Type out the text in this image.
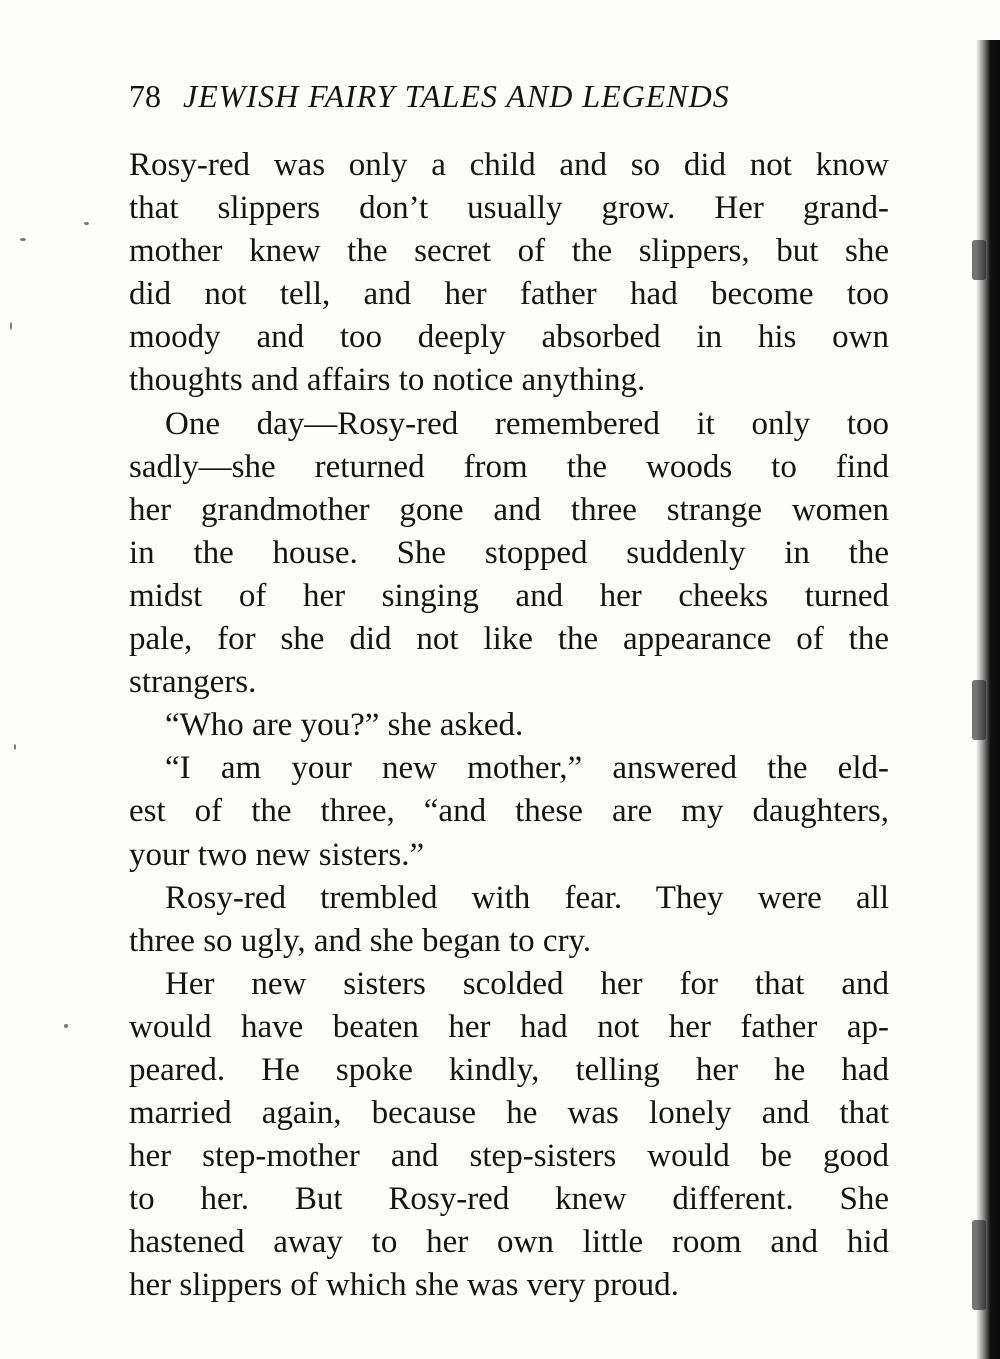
78 JEWISH FAIRY TALES AND LEGENDS

Rosy-red was only a child and so did not know
that slippers don’t usually grow. Her grand-
mother knew the secret of the slippers, but she
did not tell, and her father had become too
moody and too deeply absorbed in his own
thoughts and affairs to notice anything.

One day—Rosy-red remembered it only too
sadly—she returned from the woods to find
her grandmother gone and three strange women
in the house. She stopped suddenly in the
midst of her singing and her cheeks turned
pale, for she did not like the appearance of the
strangers.

“Who are you?” she asked.

“I am your new mother,” answered the eld-
est of the three, “and these are my daughters,
your two new sisters.”

Rosy-red trembled with fear. They were all
three so ugly, and she began to cry.

Her new sisters scolded her for that and
would have beaten her had not her father ap-
peared. He spoke kindly, telling her he had
married again, because he was lonely and that
her step-mother and step-sisters would be good
to her. But Rosy-red knew different. She
hastened away to her own little room and hid
her slippers of which she was very proud.
